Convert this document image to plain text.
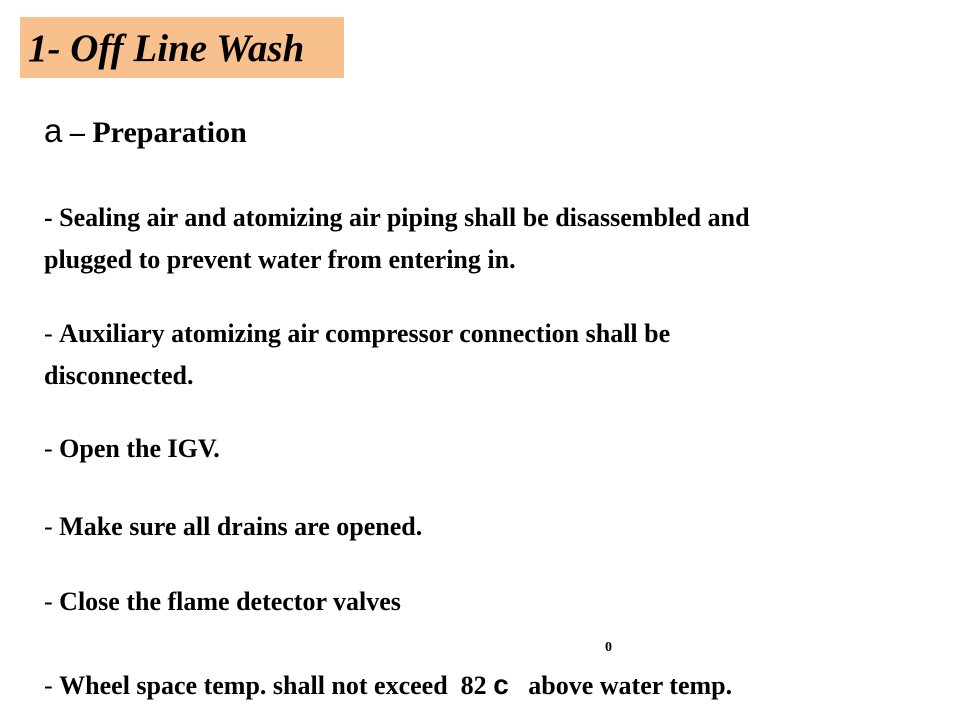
1- Off Line Wash
a – Preparation
- Sealing air and atomizing air piping shall be disassembled and
plugged to prevent water from entering in.
- Auxiliary atomizing air compressor connection shall be
disconnected.
- Open the IGV.
- Make sure all drains are opened.
- Close the flame detector valves
0
- Wheel space temp. shall not exceed  82 c   above water temp.
